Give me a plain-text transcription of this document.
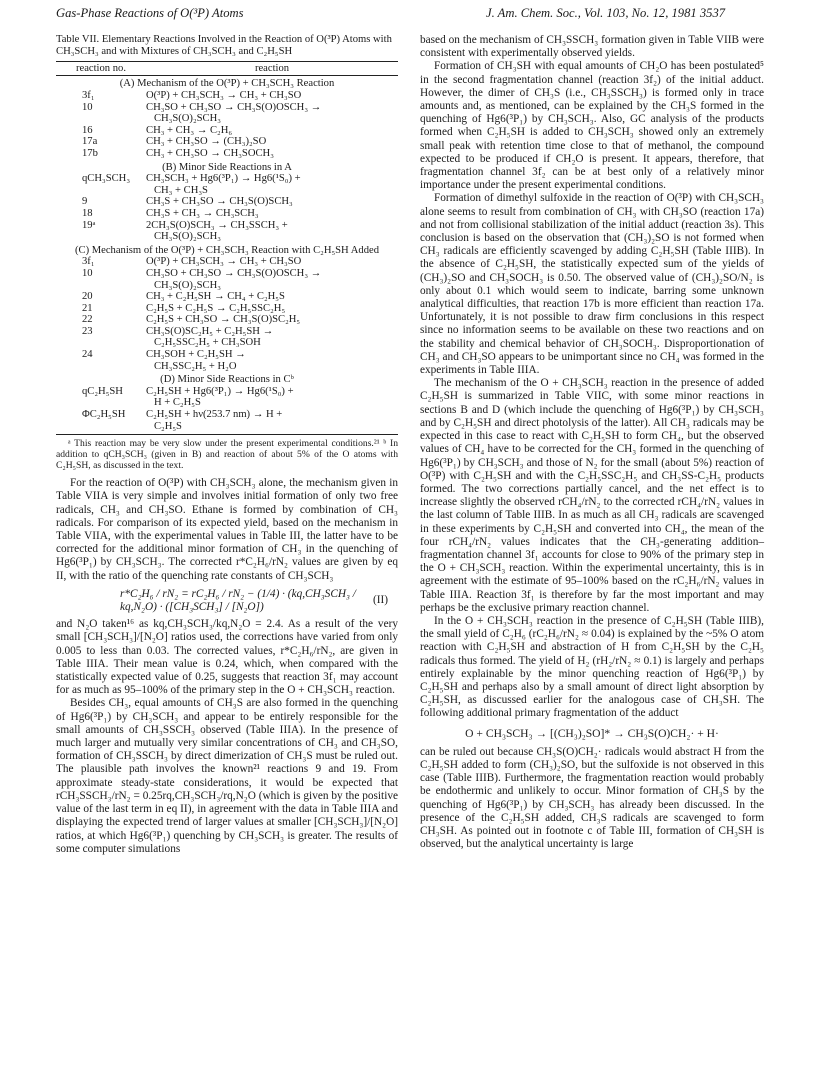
Gas-Phase Reactions of O(³P) Atoms	J. Am. Chem. Soc., Vol. 103, No. 12, 1981 3537
Table VII. Elementary Reactions Involved in the Reaction of O(³P) Atoms with CH₃SCH₃ and with Mixtures of CH₃SCH₃ and C₂H₅SH
reaction no.	reaction
(A) Mechanism of the O(³P) + CH₃SCH₃ Reaction	
3f₁	O(³P) + CH₃SCH₃ → CH₃ + CH₃SO
10	CH₃SO + CH₃SO → CH₃S(O)OSCH₃ →
	CH₃S(O)₂SCH₃
16	CH₃ + CH₃ → C₂H₆
17a	CH₃ + CH₃SO → (CH₃)₂SO
17b	CH₃ + CH₃SO → CH₃SOCH₃
(B) Minor Side Reactions in A	
qCH₃SCH₃	CH₃SCH₃ + Hg6(³P₁) → Hg6(¹S₀) +
	CH₃ + CH₃S
9	CH₃S + CH₃SO → CH₃S(O)SCH₃
18	CH₃S + CH₃ → CH₃SCH₃
19ᵃ	2CH₃S(O)SCH₃ → CH₃SSCH₃ +
	CH₃S(O)₂SCH₃
(C) Mechanism of the O(³P) + CH₃SCH₃ Reaction with C₂H₅SH Added	
3f₁	O(³P) + CH₃SCH₃ → CH₃ + CH₃SO
10	CH₃SO + CH₃SO → CH₃S(O)OSCH₃ →
	CH₃S(O)₂SCH₃
20	CH₃ + C₂H₅SH → CH₄ + C₂H₅S
21	C₂H₅S + C₂H₅S → C₂H₅SSC₂H₅
22	C₂H₅S + CH₃SO → CH₃S(O)SC₂H₅
23	CH₃S(O)SC₂H₅ + C₂H₅SH →
	C₂H₅SSC₂H₅ + CH₃SOH
24	CH₃SOH + C₂H₅SH →
	CH₃SSC₂H₅ + H₂O
(D) Minor Side Reactions in Cᵇ	
qC₂H₅SH	C₂H₅SH + Hg6(³P₁) → Hg6(¹S₀) +
	H + C₂H₅S
ΦC₂H₅SH	C₂H₅SH + hν(253.7 nm) → H +
	C₂H₅S
ᵃ This reaction may be very slow under the present experimental conditions.²¹ ᵇ In addition to qCH₃SCH₃ (given in B) and reaction of about 5% of the O atoms with C₂H₅SH, as discussed in the text.

For the reaction of O(³P) with CH₃SCH₃ alone, the mechanism given in Table VIIA is very simple and involves initial formation of only two free radicals, CH₃ and CH₃SO. Ethane is formed by combination of CH₃ radicals. For comparison of its expected yield, based on the mechanism in Table VIIA, with the experimental values in Table III, the latter have to be corrected for the additional minor formation of CH₃ in the quenching of Hg6(³P₁) by CH₃SCH₃. The corrected r*C₂H₆/rN₂ values are given by eq II, with the ratio of the quenching rate constants of CH₃SCH₃

r*C₂H₆ / rN₂ = rC₂H₆ / rN₂ − (1/4) · (kq,CH₃SCH₃ / kq,N₂O) · ([CH₃SCH₃] / [N₂O])
(II)

and N₂O taken¹⁶ as kq,CH₃SCH₃/kq,N₂O = 2.4. As a result of the very small [CH₃SCH₃]/[N₂O] ratios used, the corrections have varied from only 0.005 to less than 0.03. The corrected values, r*C₂H₆/rN₂, are given in Table IIIA. Their mean value is 0.24, which, when compared with the statistically expected value of 0.25, suggests that reaction 3f₁ may account for as much as 95–100% of the primary step in the O + CH₃SCH₃ reaction.

Besides CH₃, equal amounts of CH₃S are also formed in the quenching of Hg6(³P₁) by CH₃SCH₃ and appear to be entirely responsible for the small amounts of CH₃SSCH₃ observed (Table IIIA). In the presence of much larger and mutually very similar concentrations of CH₃ and CH₃SO, formation of CH₃SSCH₃ by direct dimerization of CH₃S must be ruled out. The plausible path involves the known²¹ reactions 9 and 19. From approximate steady-state considerations, it would be expected that rCH₃SSCH₃/rN₂ = 0.25rq,CH₃SCH₃/rq,N₂O (which is given by the positive value of the last term in eq II), in agreement with the data in Table IIIA and displaying the expected trend of larger values at smaller [CH₃SCH₃]/[N₂O] ratios, at which Hg6(³P₁) quenching by CH₃SCH₃ is greater. The results of some computer simulations

based on the mechanism of CH₃SSCH₃ formation given in Table VIIB were consistent with experimentally observed yields.

Formation of CH₃SH with equal amounts of CH₂O has been postulated⁵ in the second fragmentation channel (reaction 3f₂) of the initial adduct. However, the dimer of CH₃S (i.e., CH₃SSCH₃) is formed only in trace amounts and, as mentioned, can be explained by the CH₃S formed in the quenching of Hg6(³P₁) by CH₃SCH₃. Also, GC analysis of the products formed when C₂H₅SH is added to CH₃SCH₃ showed only an extremely small peak with retention time close to that of methanol, the compound expected to be produced if CH₂O is present. It appears, therefore, that fragmentation channel 3f₂ can be at best only of a relatively minor importance under the present experimental conditions.

Formation of dimethyl sulfoxide in the reaction of O(³P) with CH₃SCH₃ alone seems to result from combination of CH₃ with CH₃SO (reaction 17a) and not from collisional stabilization of the initial adduct (reaction 3s). This conclusion is based on the observation that (CH₃)₂SO is not formed when CH₃ radicals are efficiently scavenged by adding C₂H₅SH (Table IIIB). In the absence of C₂H₅SH, the statistically expected sum of the yields of (CH₃)₂SO and CH₃SOCH₃ is 0.50. The observed value of (CH₃)₂SO/N₂ is only about 0.1 which would seem to indicate, barring some unknown analytical difficulties, that reaction 17b is more efficient than reaction 17a. Unfortunately, it is not possible to draw firm conclusions in this respect since no information seems to be available on these two reactions and on the stability and chemical behavior of CH₃SOCH₃. Disproportionation of CH₃ and CH₃SO appears to be unimportant since no CH₄ was formed in the experiments in Table IIIA.

The mechanism of the O + CH₃SCH₃ reaction in the presence of added C₂H₅SH is summarized in Table VIIC, with some minor reactions in sections B and D (which include the quenching of Hg6(³P₁) by CH₃SCH₃ and by C₂H₅SH and direct photolysis of the latter). All CH₃ radicals may be expected in this case to react with C₂H₅SH to form CH₄, but the observed values of CH₄ have to be corrected for the CH₃ formed in the quenching of Hg6(³P₁) by CH₃SCH₃ and those of N₂ for the small (about 5%) reaction of O(³P) with C₂H₅SH and with the C₂H₅SSC₂H₅ and CH₃SS-C₂H₅ products formed. The two corrections partially cancel, and the net effect is to increase slightly the observed rCH₄/rN₂ to the corrected rCH₄/rN₂ values in the last column of Table IIIB. In as much as all CH₃ radicals are scavenged in these experiments by C₂H₅SH and converted into CH₄, the mean of the four rCH₄/rN₂ values indicates that the CH₃-generating addition–fragmentation channel 3f₁ accounts for close to 90% of the primary step in the O + CH₃SCH₃ reaction. Within the experimental uncertainty, this is in agreement with the estimate of 95–100% based on the rC₂H₆/rN₂ values in Table IIIA. Reaction 3f₁ is therefore by far the most important and may perhaps be the exclusive primary reaction channel.

In the O + CH₃SCH₃ reaction in the presence of C₂H₅SH (Table IIIB), the small yield of C₂H₆ (rC₂H₆/rN₂ ≈ 0.04) is explained by the ~5% O atom reaction with C₂H₅SH and abstraction of H from C₂H₅SH by the C₂H₅ radicals thus formed. The yield of H₂ (rH₂/rN₂ ≈ 0.1) is largely and perhaps entirely explainable by the minor quenching reaction of Hg6(³P₁) by C₂H₅SH and perhaps also by a small amount of direct light absorption by C₂H₅SH, as discussed earlier for the analogous case of CH₃SH. The following additional primary fragmentation of the adduct

O + CH₃SCH₃ → [(CH₃)₂SO]* → CH₃S(O)CH₂· + H·

can be ruled out because CH₃S(O)CH₂· radicals would abstract H from the C₂H₅SH added to form (CH₃)₂SO, but the sulfoxide is not observed in this case (Table IIIB). Furthermore, the fragmentation reaction would probably be endothermic and unlikely to occur. Minor formation of CH₃S by the quenching of Hg6(³P₁) by CH₃SCH₃ has already been discussed. In the presence of the C₂H₅SH added, CH₃S radicals are scavenged to form CH₃SH. As pointed out in footnote c of Table III, formation of CH₃SH is observed, but the analytical uncertainty is large
